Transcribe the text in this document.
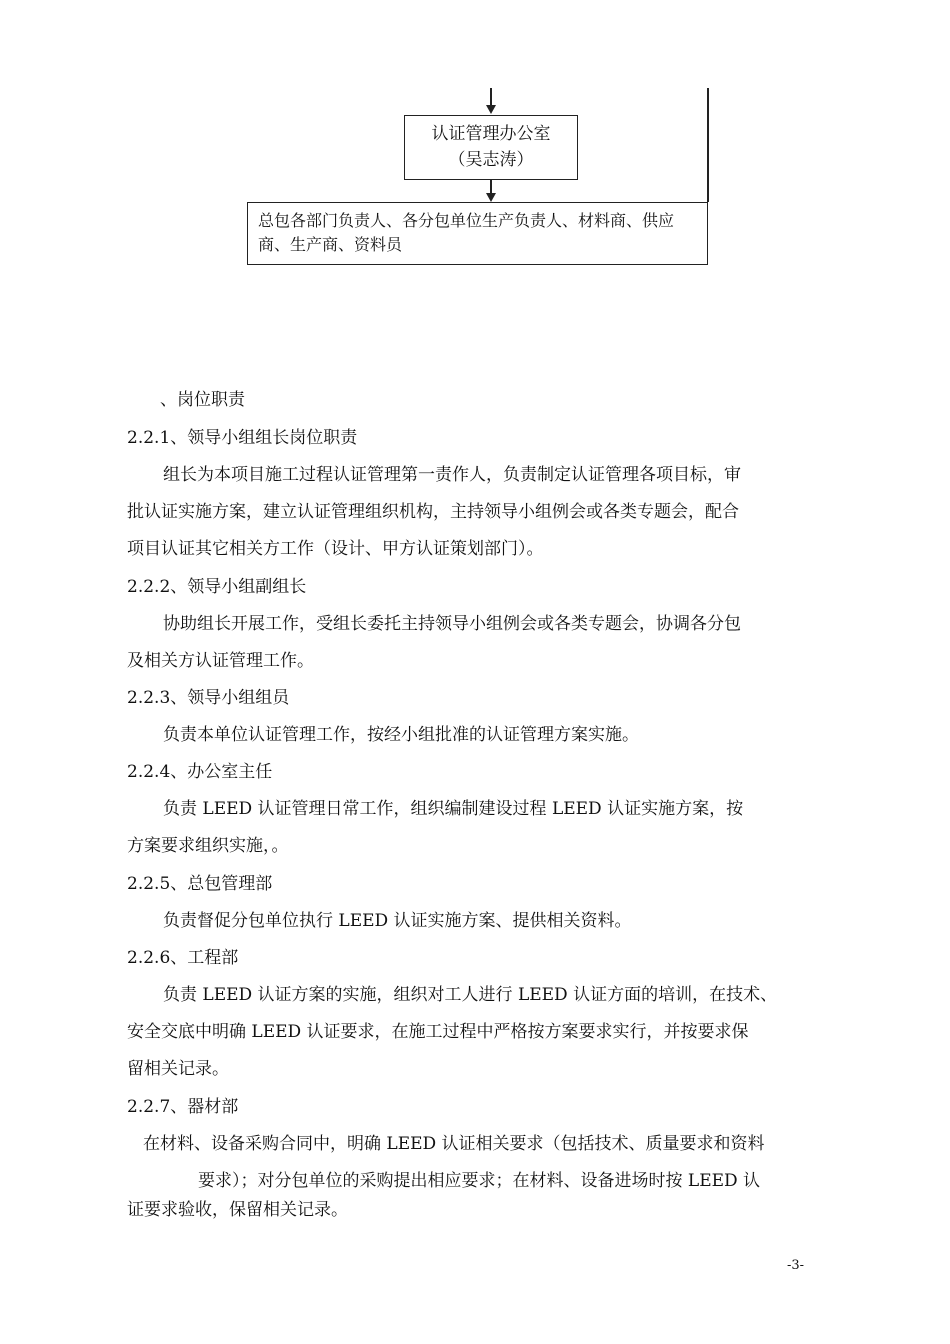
认证管理办公室
（吴志涛）
总包各部门负责人、各分包单位生产负责人、材料商、供应
商、生产商、资料员
、岗位职责
2.2.1、领导小组组长岗位职责
组长为本项目施工过程认证管理第一责作人，负责制定认证管理各项目标，审
批认证实施方案，建立认证管理组织机构，主持领导小组例会或各类专题会，配合
项目认证其它相关方工作（设计、甲方认证策划部门）。
2.2.2、领导小组副组长
协助组长开展工作，受组长委托主持领导小组例会或各类专题会，协调各分包
及相关方认证管理工作。
2.2.3、领导小组组员
负责本单位认证管理工作，按经小组批准的认证管理方案实施。
2.2.4、办公室主任
负责 LEED 认证管理日常工作，组织编制建设过程 LEED 认证实施方案，按
方案要求组织实施，。
2.2.5、总包管理部
负责督促分包单位执行 LEED 认证实施方案、提供相关资料。
2.2.6、工程部
负责 LEED 认证方案的实施，组织对工人进行 LEED 认证方面的培训，在技术、
安全交底中明确 LEED 认证要求，在施工过程中严格按方案要求实行，并按要求保
留相关记录。
2.2.7、器材部
在材料、设备采购合同中，明确 LEED 认证相关要求（包括技术、质量要求和资料
要求）；对分包单位的采购提出相应要求；在材料、设备进场时按 LEED 认
证要求验收，保留相关记录。
-3-
